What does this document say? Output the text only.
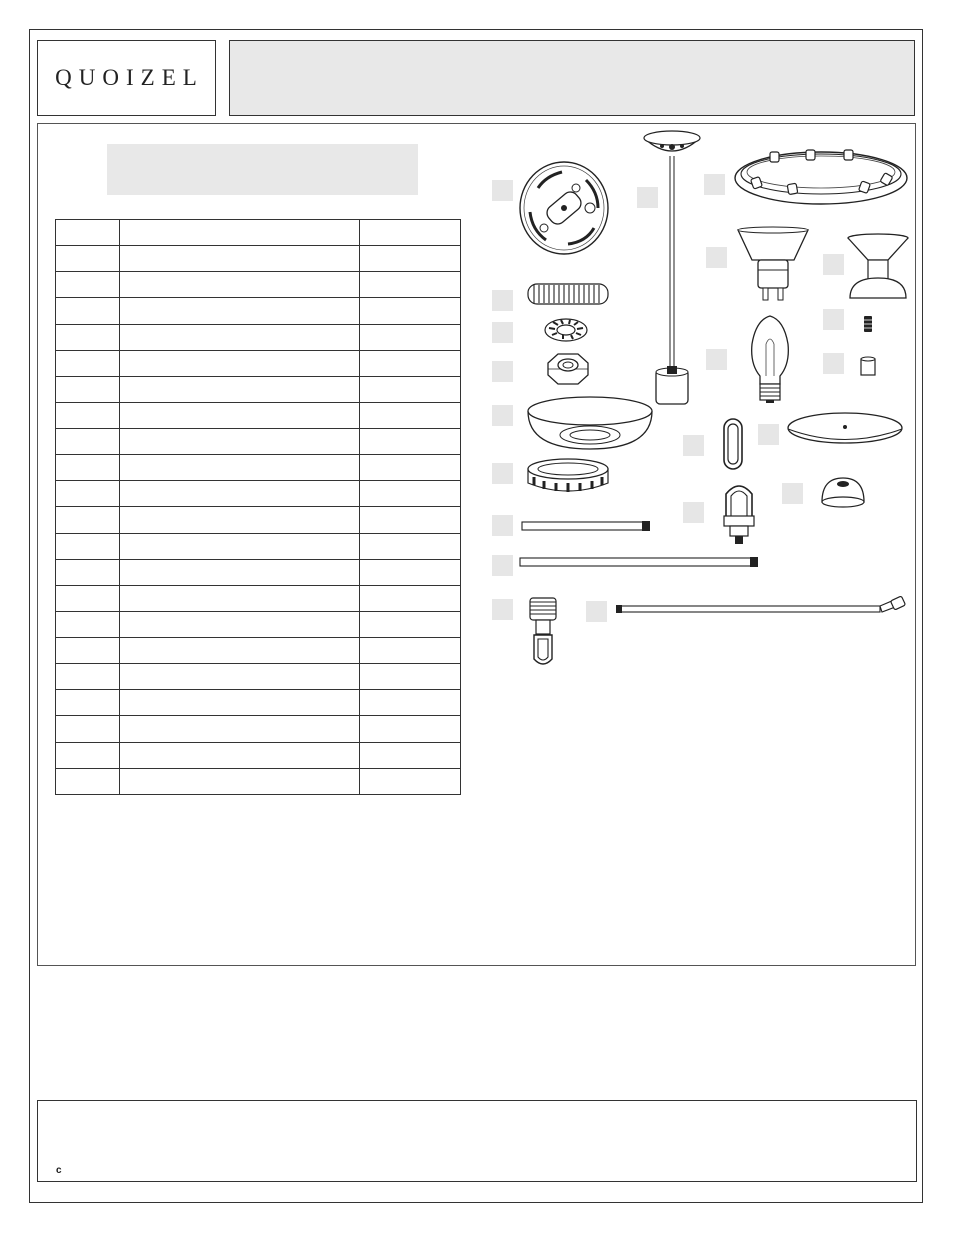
QUOIZEL

c
